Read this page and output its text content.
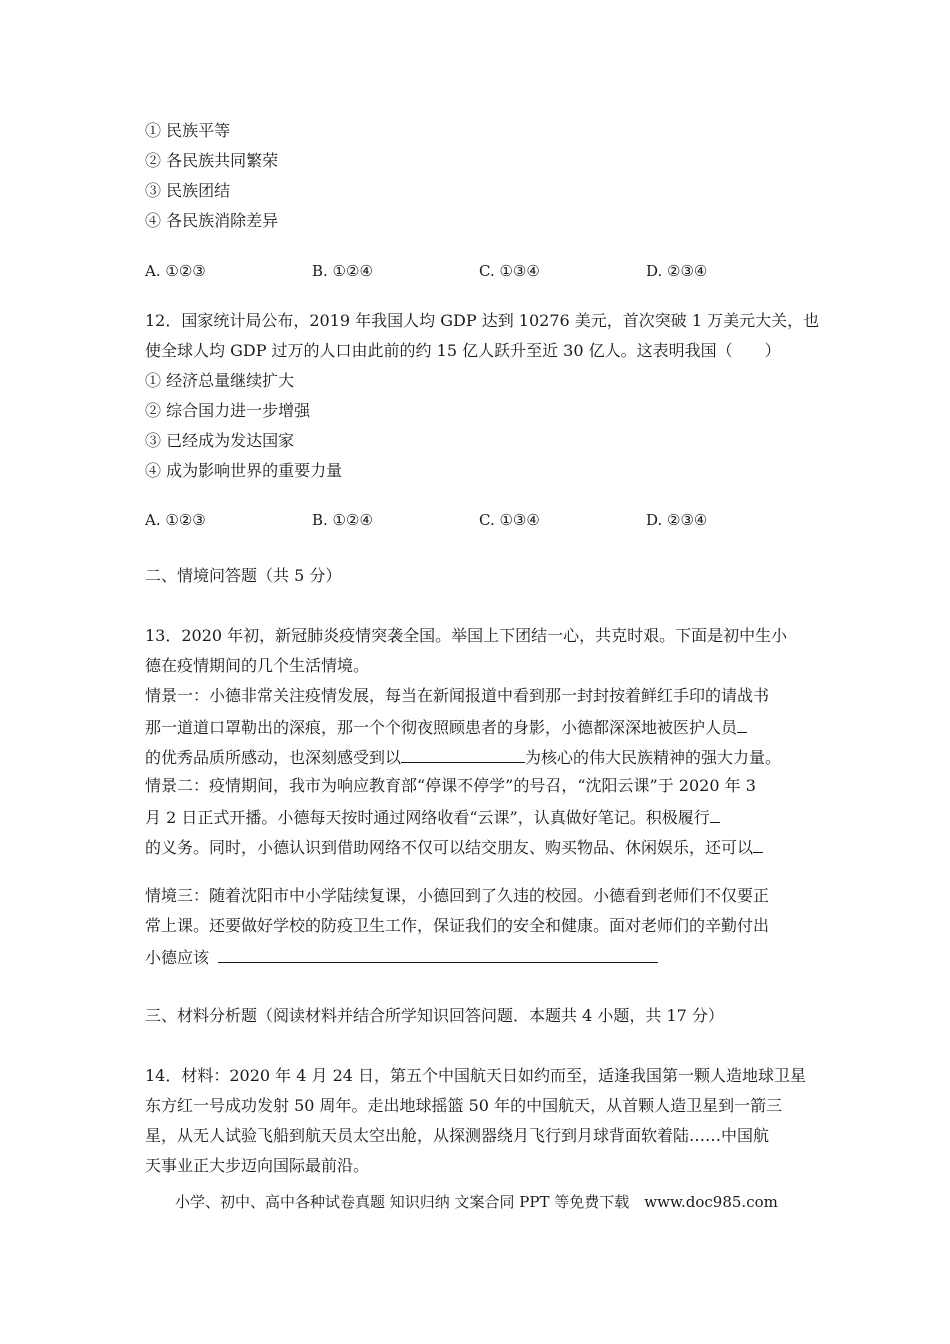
① 民族平等
② 各民族共同繁荣
③ 民族团结
④ 各民族消除差异
A. ①②③	B. ①②④	C. ①③④	D. ②③④
12．国家统计局公布，2019 年我国人均 GDP 达到 10276 美元，首次突破 1 万美元大关，也
使全球人均 GDP 过万的人口由此前的约 15 亿人跃升至近 30 亿人。这表明我国（　　）
① 经济总量继续扩大
② 综合国力进一步增强
③ 已经成为发达国家
④ 成为影响世界的重要力量
A. ①②③	B. ①②④	C. ①③④	D. ②③④
二、情境问答题（共 5 分）
13．2020 年初，新冠肺炎疫情突袭全国。举国上下团结一心，共克时艰。下面是初中生小
德在疫情期间的几个生活情境。
情景一：小德非常关注疫情发展，每当在新闻报道中看到那一封封按着鲜红手印的请战书
那一道道口罩勒出的深痕，那一个个彻夜照顾患者的身影，小德都深深地被医护人员
的优秀品质所感动，也深刻感受到以	为核心的伟大民族精神的强大力量。
情景二：疫情期间，我市为响应教育部“停课不停学”的号召，“沈阳云课”于 2020 年 3
月 2 日正式开播。小德每天按时通过网络收看“云课”，认真做好笔记。积极履行
的义务。同时，小德认识到借助网络不仅可以结交朋友、购买物品、休闲娱乐，还可以
情境三：随着沈阳市中小学陆续复课，小德回到了久违的校园。小德看到老师们不仅要正
常上课。还要做好学校的防疫卫生工作，保证我们的安全和健康。面对老师们的辛勤付出
小德应该
三、材料分析题（阅读材料并结合所学知识回答问题．本题共 4 小题，共 17 分）
14．材料：2020 年 4 月 24 日，第五个中国航天日如约而至，适逢我国第一颗人造地球卫星
东方红一号成功发射 50 周年。走出地球摇篮 50 年的中国航天，从首颗人造卫星到一箭三
星，从无人试验飞船到航天员太空出舱，从探测器绕月飞行到月球背面软着陆……中国航
天事业正大步迈向国际最前沿。
小学、初中、高中各种试卷真题 知识归纳 文案合同 PPT 等免费下载　www.doc985.com
